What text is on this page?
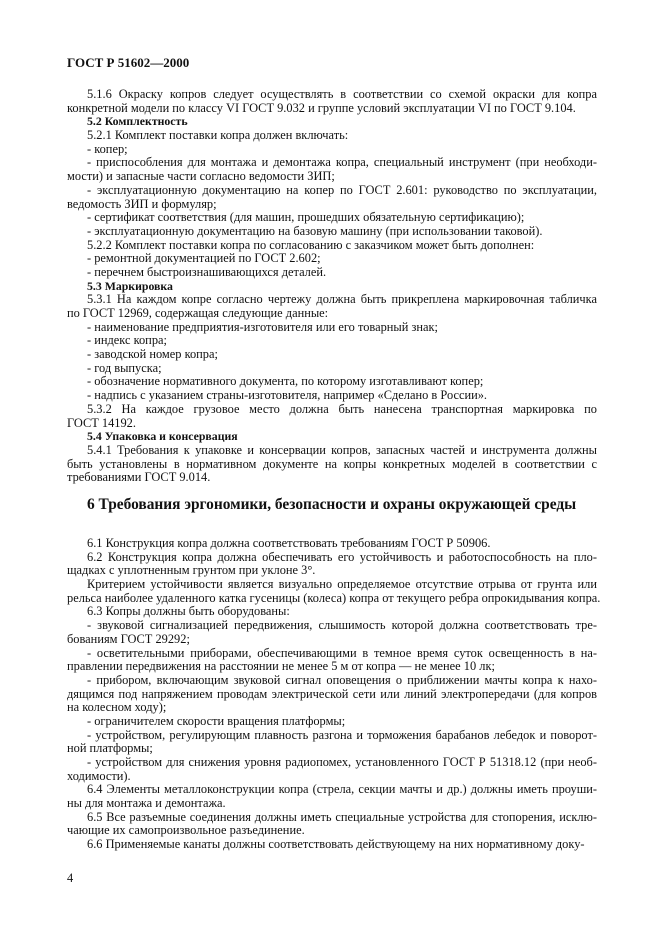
ГОСТ Р 51602—2000
5.1.6 Окраску копров следует осуществлять в соответствии со схемой окраски для копра
конкретной модели по классу VI ГОСТ 9.032 и группе условий эксплуатации VI по ГОСТ 9.104.
5.2 Комплектность
5.2.1 Комплект поставки копра должен включать:
- копер;
- приспособления для монтажа и демонтажа копра, специальный инструмент (при необходи-
мости) и запасные части согласно ведомости ЗИП;
- эксплуатационную документацию на копер по ГОСТ 2.601: руководство по эксплуатации,
ведомость ЗИП и формуляр;
- сертификат соответствия (для машин, прошедших обязательную сертификацию);
- эксплуатационную документацию на базовую машину (при использовании таковой).
5.2.2 Комплект поставки копра по согласованию с заказчиком может быть дополнен:
- ремонтной документацией по ГОСТ 2.602;
- перечнем быстроизнашивающихся деталей.
5.3 Маркировка
5.3.1 На каждом копре согласно чертежу должна быть прикреплена маркировочная табличка
по ГОСТ 12969, содержащая следующие данные:
- наименование предприятия-изготовителя или его товарный знак;
- индекс копра;
- заводской номер копра;
- год выпуска;
- обозначение нормативного документа, по которому изготавливают копер;
- надпись с указанием страны-изготовителя, например «Сделано в России».
5.3.2 На каждое грузовое место должна быть нанесена транспортная маркировка по
ГОСТ 14192.
5.4 Упаковка и консервация
5.4.1 Требования к упаковке и консервации копров, запасных частей и инструмента должны
быть установлены в нормативном документе на копры конкретных моделей в соответствии с
требованиями ГОСТ 9.014.
6 Требования эргономики, безопасности и охраны окружающей среды
6.1 Конструкция копра должна соответствовать требованиям ГОСТ Р 50906.
6.2 Конструкция копра должна обеспечивать его устойчивость и работоспособность на пло-
щадках с уплотненным грунтом при уклоне 3°.
Критерием устойчивости является визуально определяемое отсутствие отрыва от грунта или
рельса наиболее удаленного катка гусеницы (колеса) копра от текущего ребра опрокидывания копра.
6.3 Копры должны быть оборудованы:
- звуковой сигнализацией передвижения, слышимость которой должна соответствовать тре-
бованиям ГОСТ 29292;
- осветительными приборами, обеспечивающими в темное время суток освещенность в на-
правлении передвижения на расстоянии не менее 5 м от копра — не менее 10 лк;
- прибором, включающим звуковой сигнал оповещения о приближении мачты копра к нахо-
дящимся под напряжением проводам электрической сети или линий электропередачи (для копров
на колесном ходу);
- ограничителем скорости вращения платформы;
- устройством, регулирующим плавность разгона и торможения барабанов лебедок и поворот-
ной платформы;
- устройством для снижения уровня радиопомех, установленного ГОСТ Р 51318.12 (при необ-
ходимости).
6.4 Элементы металлоконструкции копра (стрела, секции мачты и др.) должны иметь проуши-
ны для монтажа и демонтажа.
6.5 Все разъемные соединения должны иметь специальные устройства для стопорения, исклю-
чающие их самопроизвольное разъединение.
6.6 Применяемые канаты должны соответствовать действующему на них нормативному доку-
4
